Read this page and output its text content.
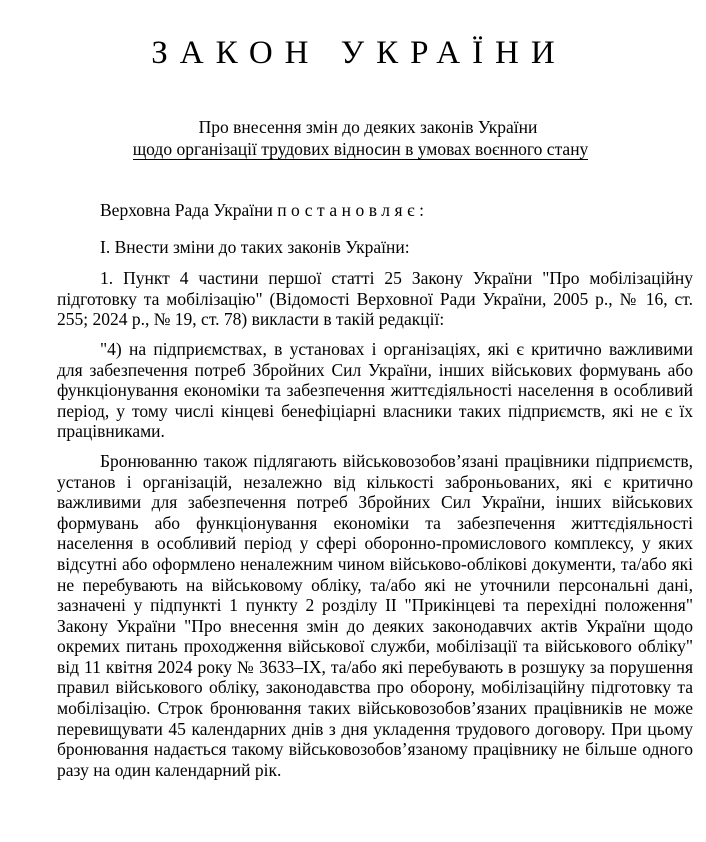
ЗАКОН УКРАЇНИ
Про внесення змін до деяких законів України
щодо організації трудових відносин в умовах воєнного стану

Верховна Рада України постановляє:

I. Внести зміни до таких законів України:

1. Пункт 4 частини першої статті 25 Закону України "Про мобілізаційну підготовку та мобілізацію" (Відомості Верховної Ради України, 2005 р., № 16, ст. 255; 2024 р., № 19, ст. 78) викласти в такій редакції:

"4) на підприємствах, в установах і організаціях, які є критично важливими для забезпечення потреб Збройних Сил України, інших військових формувань або функціонування економіки та забезпечення життєдіяльності населення в особливий період, у тому числі кінцеві бенефіціарні власники таких підприємств, які не є їх працівниками.

Бронюванню також підлягають військовозобов’язані працівники підприємств, установ і організацій, незалежно від кількості заброньованих, які є критично важливими для забезпечення потреб Збройних Сил України, інших військових формувань або функціонування економіки та забезпечення життєдіяльності населення в особливий період у сфері оборонно-промислового комплексу, у яких відсутні або оформлено неналежним чином військово-облікові документи, та/або які не перебувають на військовому обліку, та/або які не уточнили персональні дані, зазначені у підпункті 1 пункту 2 розділу II "Прикінцеві та перехідні положення" Закону України "Про внесення змін до деяких законодавчих актів України щодо окремих питань проходження військової служби, мобілізації та військового обліку" від 11 квітня 2024 року № 3633–IX, та/або які перебувають в розшуку за порушення правил військового обліку, законодавства про оборону, мобілізаційну підготовку та мобілізацію. Строк бронювання таких військовозобов’язаних працівників не може перевищувати 45 календарних днів з дня укладення трудового договору. При цьому бронювання надається такому військовозобов’язаному працівнику не більше одного разу на один календарний рік.
